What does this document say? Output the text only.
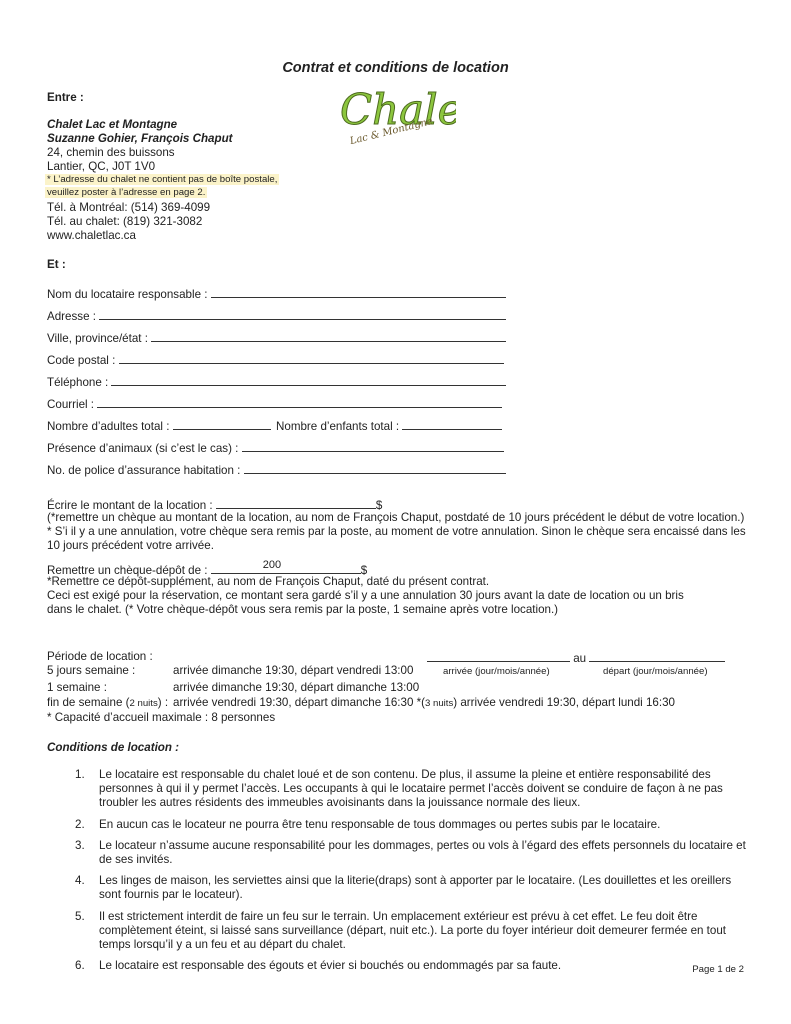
Contrat et conditions de location
Chal
Lac & Montagne
Entre :
Chalet Lac et Montagne
Suzanne Gohier, François Chaput
24, chemin des buissons
Lantier, QC, J0T 1V0
* L’adresse du chalet ne contient pas de boîte postale,
veuillez poster à l’adresse en page 2.
Tél. à Montréal: (514) 369-4099
Tél. au chalet: (819) 321-3082
www.chaletlac.ca
Et :
Nom du locataire responsable :
Adresse :
Ville, province/état :
Code postal :
Téléphone :
Courriel :
Nombre d’adultes total :	Nombre d’enfants total :
Présence d’animaux (si c’est le cas) :
No. de police d’assurance habitation :
Écrire le montant de la location :	$
(*remettre un chèque au montant de la location, au nom de François Chaput, postdaté de 10 jours précédent le début de votre location.)
* S’i il y a une annulation, votre chèque sera remis par la poste, au moment de votre annulation. Sinon le chèque sera encaissé dans les
10 jours précédent votre arrivée.
Remettre un chèque-dépôt de :	200	$
*Remettre ce dépôt-supplément, au nom de François Chaput, daté du présent contrat.
Ceci est exigé pour la réservation, ce montant sera gardé s’il y a une annulation 30 jours avant la date de location ou un bris
dans le chalet. (* Votre chèque-dépôt vous sera remis par la poste, 1 semaine après votre location.)
Période de location :	au
arrivée (jour/mois/année)	départ (jour/mois/année)
5 jours semaine :	arrivée dimanche 19:30, départ vendredi 13:00
1 semaine :	arrivée dimanche 19:30, départ dimanche 13:00
fin de semaine (2 nuits) : arrivée vendredi 19:30, départ dimanche 16:30 *(3 nuits) arrivée vendredi 19:30, départ lundi 16:30
* Capacité d’accueil maximale : 8 personnes
Conditions de location :
1. Le locataire est responsable du chalet loué et de son contenu. De plus, il assume la pleine et entière responsabilité des personnes à qui il y permet l’accès. Les occupants à qui le locataire permet l’accès doivent se conduire de façon à ne pas troubler les autres résidents des immeubles avoisinants dans la jouissance normale des lieux.
2. En aucun cas le locateur ne pourra être tenu responsable de tous dommages ou pertes subis par le locataire.
3. Le locateur n’assume aucune responsabilité pour les dommages, pertes ou vols à l’égard des effets personnels du locataire et de ses invités.
4. Les linges de maison, les serviettes ainsi que la literie(draps) sont à apporter par le locataire. (Les douillettes et les oreillers sont fournis par le locateur).
5. Il est strictement interdit de faire un feu sur le terrain. Un emplacement extérieur est prévu à cet effet. Le feu doit être complètement éteint, si laissé sans surveillance (départ, nuit etc.). La porte du foyer intérieur doit demeurer fermée en tout temps lorsqu’il y a un feu et au départ du chalet.
6. Le locataire est responsable des égouts et évier si bouchés ou endommagés par sa faute.	Page 1 de 2
